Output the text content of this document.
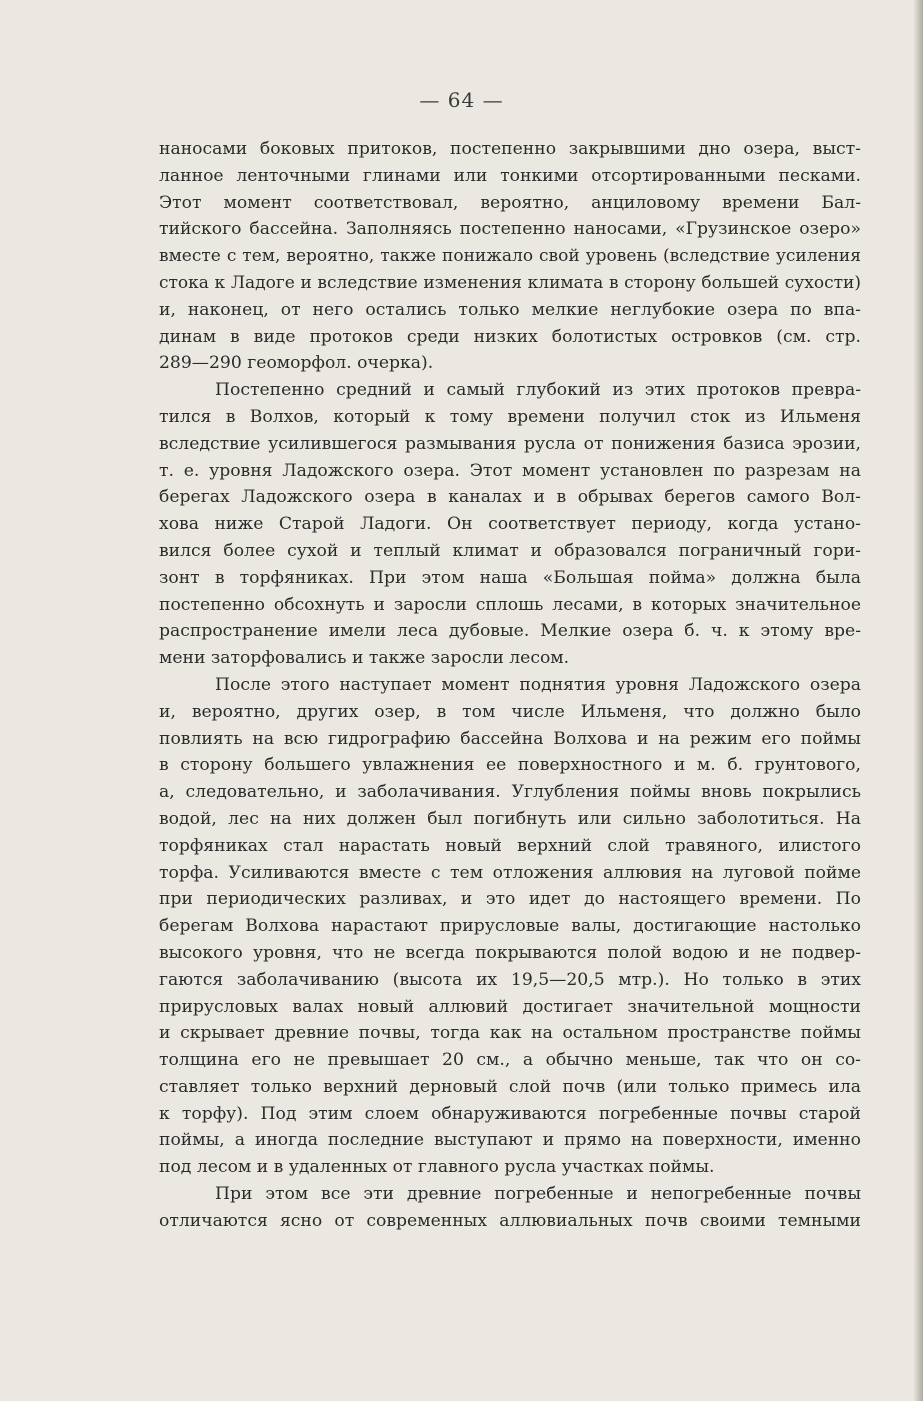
— 64 —
наносами боковых притоков, постепенно закрывшими дно озера, выст-
ланное ленточными глинами или тонкими отсортированными песками.
Этот момент соответствовал, вероятно, анциловому времени Бал-
тийского бассейна. Заполняясь постепенно наносами, «Грузинское озеро»
вместе с тем, вероятно, также понижало свой уровень (вследствие усиления
стока к Ладоге и вследствие изменения климата в сторону большей сухости)
и, наконец, от него остались только мелкие неглубокие озера по впа-
динам в виде протоков среди низких болотистых островков (см. стр.
289—290 геоморфол. очерка).
Постепенно средний и самый глубокий из этих протоков превра-
тился в Волхов, который к тому времени получил сток из Ильменя
вследствие усилившегося размывания русла от понижения базиса эрозии,
т. е. уровня Ладожского озера. Этот момент установлен по разрезам на
берегах Ладожского озера в каналах и в обрывах берегов самого Вол-
хова ниже Старой Ладоги. Он соответствует периоду, когда устано-
вился более сухой и теплый климат и образовался пограничный гори-
зонт в торфяниках. При этом наша «Большая пойма» должна была
постепенно обсохнуть и заросли сплошь лесами, в которых значительное
распространение имели леса дубовые. Мелкие озера б. ч. к этому вре-
мени заторфовались и также заросли лесом.
После этого наступает момент поднятия уровня Ладожского озера
и, вероятно, других озер, в том числе Ильменя, что должно было
повлиять на всю гидрографию бассейна Волхова и на режим его поймы
в сторону большего увлажнения ее поверхностного и м. б. грунтового,
а, следовательно, и заболачивания. Углубления поймы вновь покрылись
водой, лес на них должен был погибнуть или сильно заболотиться. На
торфяниках стал нарастать новый верхний слой травяного, илистого
торфа. Усиливаются вместе с тем отложения аллювия на луговой пойме
при периодических разливах, и это идет до настоящего времени. По
берегам Волхова нарастают прирусловые валы, достигающие настолько
высокого уровня, что не всегда покрываются полой водою и не подвер-
гаются заболачиванию (высота их 19,5—20,5 мтр.). Но только в этих
прирусловых валах новый аллювий достигает значительной мощности
и скрывает древние почвы, тогда как на остальном пространстве поймы
толщина его не превышает 20 см., а обычно меньше, так что он со-
ставляет только верхний дерновый слой почв (или только примесь ила
к торфу). Под этим слоем обнаруживаются погребенные почвы старой
поймы, а иногда последние выступают и прямо на поверхности, именно
под лесом и в удаленных от главного русла участках поймы.
При этом все эти древние погребенные и непогребенные почвы
отличаются ясно от современных аллювиальных почв своими темными
